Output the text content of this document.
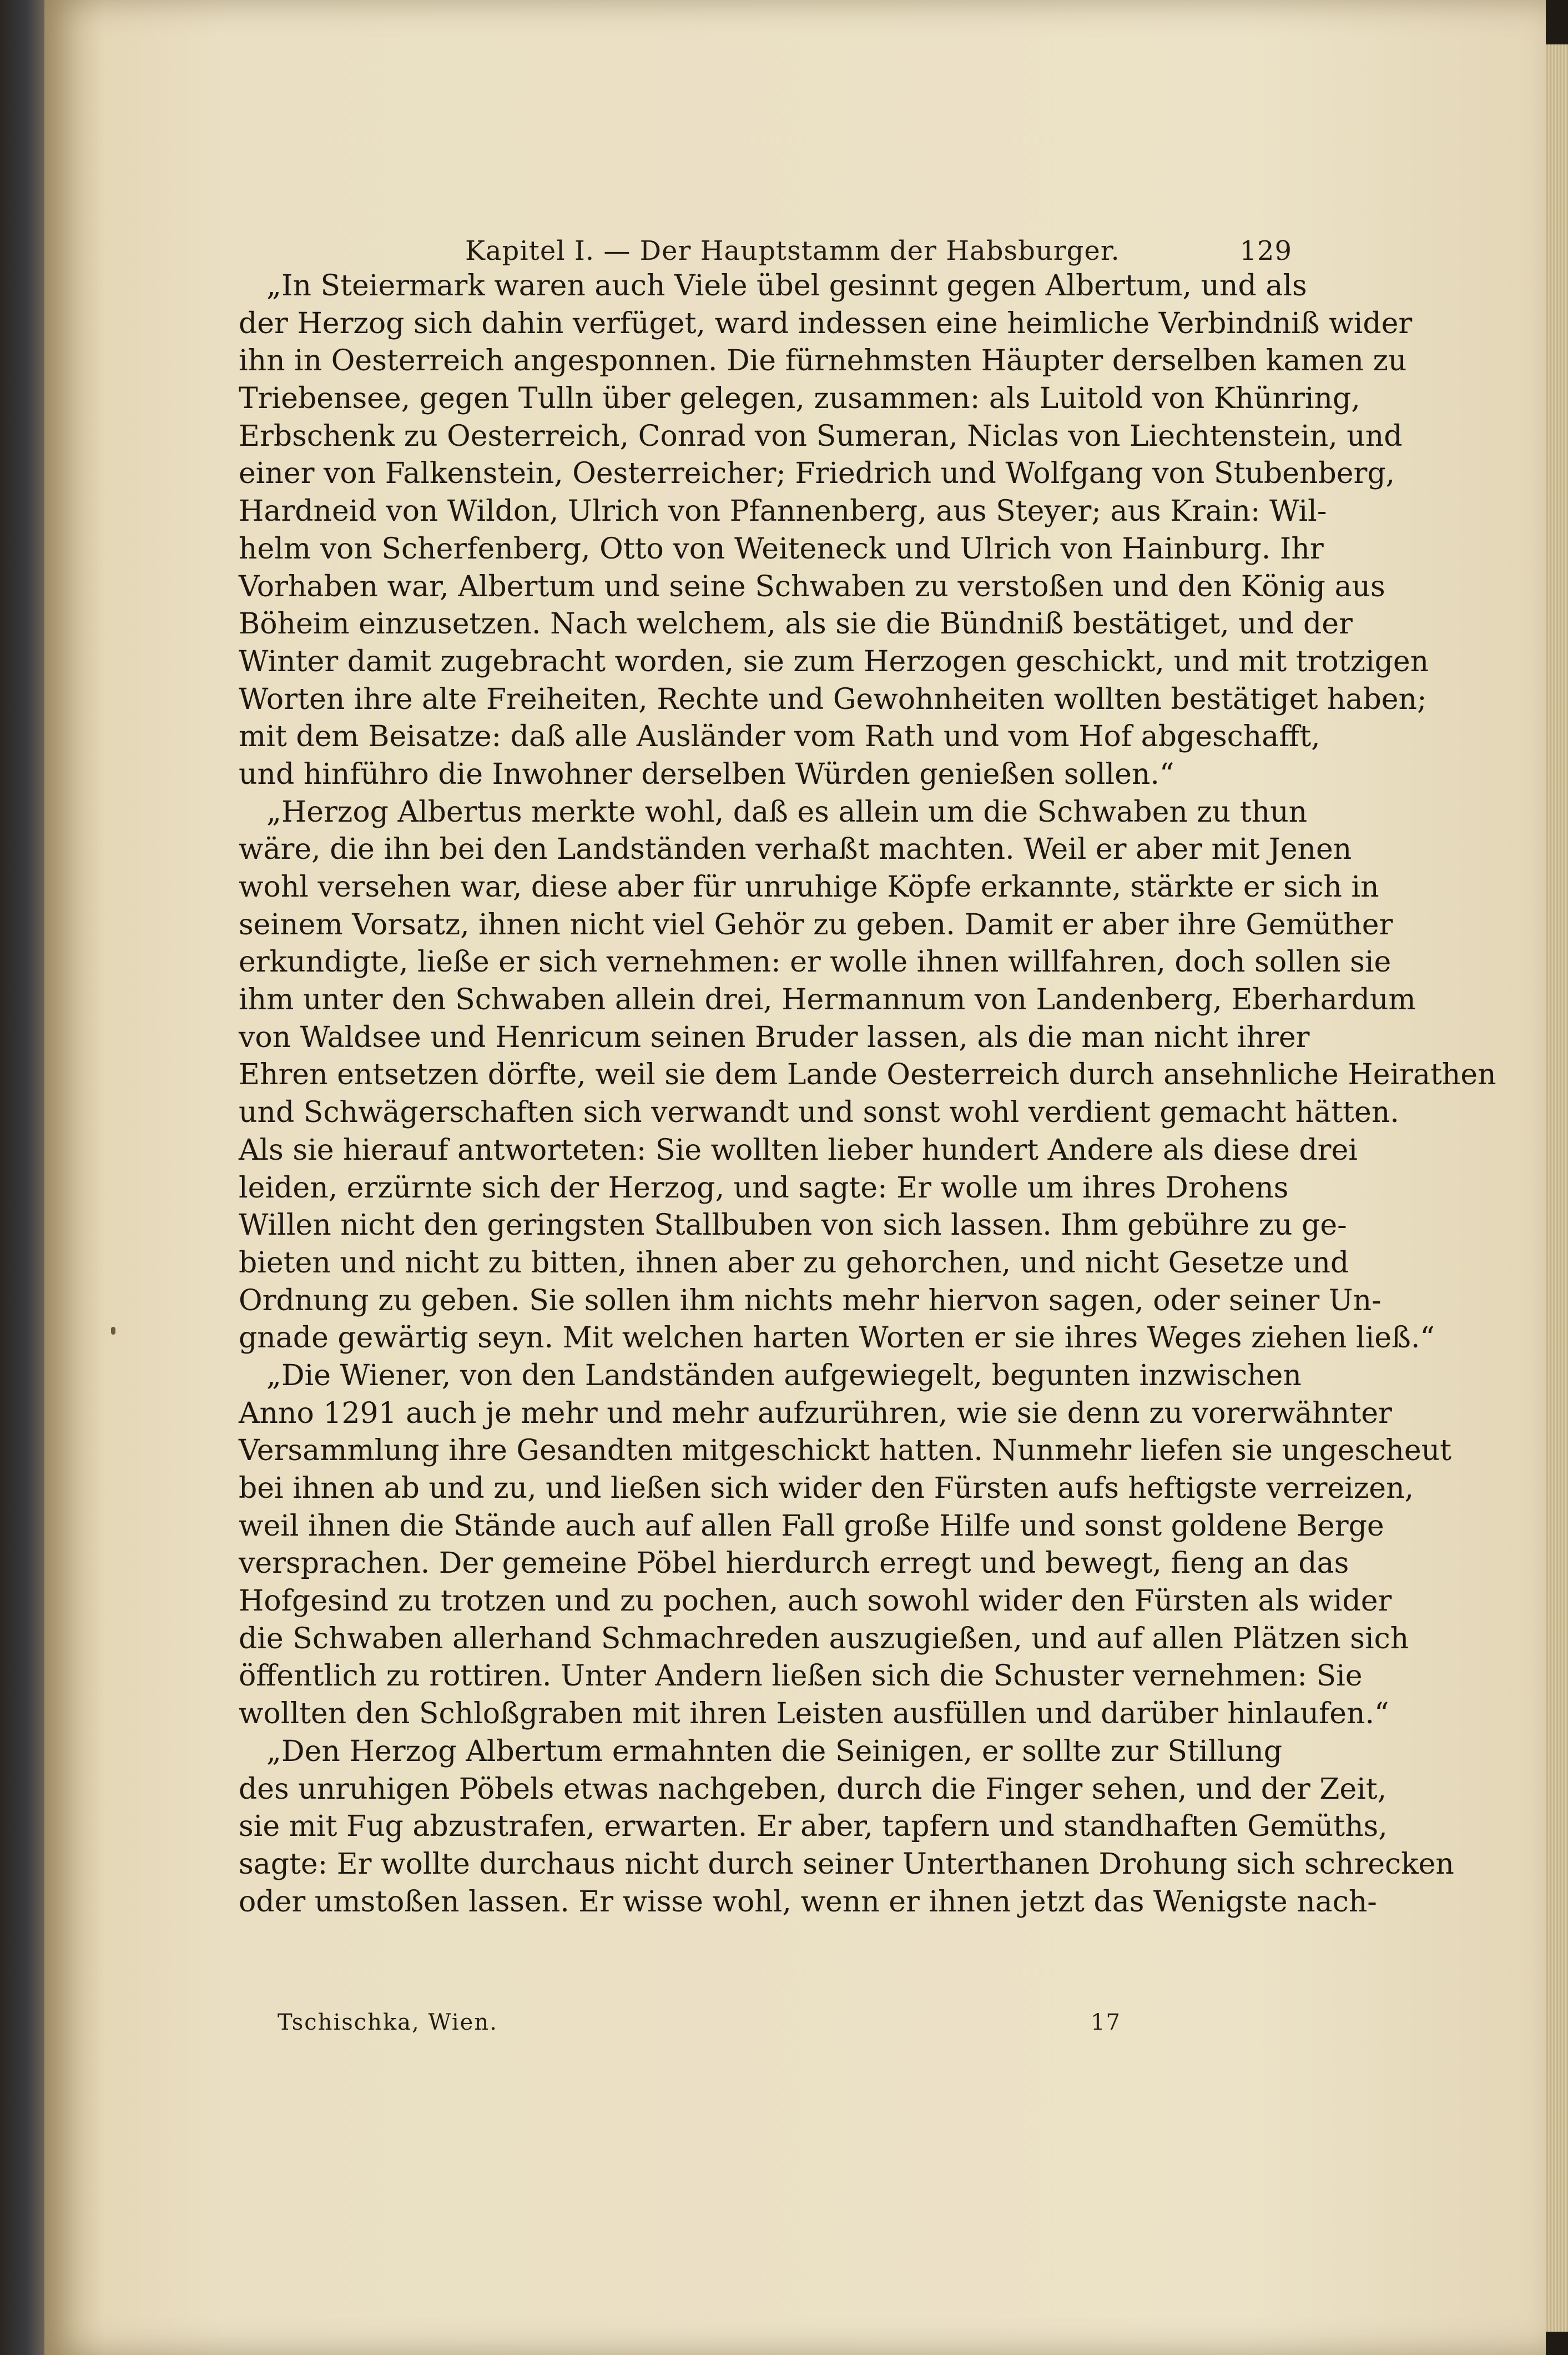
Kapitel I. — Der Hauptstamm der Habsburger.	129
„In Steiermark waren auch Viele übel gesinnt gegen Albertum, und als
der Herzog sich dahin verfüget, ward indessen eine heimliche Verbindniß wider
ihn in Oesterreich angesponnen. Die fürnehmsten Häupter derselben kamen zu
Triebensee, gegen Tulln über gelegen, zusammen: als Luitold von Khünring,
Erbschenk zu Oesterreich, Conrad von Sumeran, Niclas von Liechtenstein, und
einer von Falkenstein, Oesterreicher; Friedrich und Wolfgang von Stubenberg,
Hardneid von Wildon, Ulrich von Pfannenberg, aus Steyer; aus Krain: Wil-
helm von Scherfenberg, Otto von Weiteneck und Ulrich von Hainburg. Ihr
Vorhaben war, Albertum und seine Schwaben zu verstoßen und den König aus
Böheim einzusetzen. Nach welchem, als sie die Bündniß bestätiget, und der
Winter damit zugebracht worden, sie zum Herzogen geschickt, und mit trotzigen
Worten ihre alte Freiheiten, Rechte und Gewohnheiten wollten bestätiget haben;
mit dem Beisatze: daß alle Ausländer vom Rath und vom Hof abgeschafft,
und hinführo die Inwohner derselben Würden genießen sollen.“
„Herzog Albertus merkte wohl, daß es allein um die Schwaben zu thun
wäre, die ihn bei den Landständen verhaßt machten. Weil er aber mit Jenen
wohl versehen war, diese aber für unruhige Köpfe erkannte, stärkte er sich in
seinem Vorsatz, ihnen nicht viel Gehör zu geben. Damit er aber ihre Gemüther
erkundigte, ließe er sich vernehmen: er wolle ihnen willfahren, doch sollen sie
ihm unter den Schwaben allein drei, Hermannum von Landenberg, Eberhardum
von Waldsee und Henricum seinen Bruder lassen, als die man nicht ihrer
Ehren entsetzen dörfte, weil sie dem Lande Oesterreich durch ansehnliche Heirathen
und Schwägerschaften sich verwandt und sonst wohl verdient gemacht hätten.
Als sie hierauf antworteten: Sie wollten lieber hundert Andere als diese drei
leiden, erzürnte sich der Herzog, und sagte: Er wolle um ihres Drohens
Willen nicht den geringsten Stallbuben von sich lassen. Ihm gebühre zu ge-
bieten und nicht zu bitten, ihnen aber zu gehorchen, und nicht Gesetze und
Ordnung zu geben. Sie sollen ihm nichts mehr hiervon sagen, oder seiner Un-
gnade gewärtig seyn. Mit welchen harten Worten er sie ihres Weges ziehen ließ.“
„Die Wiener, von den Landständen aufgewiegelt, begunten inzwischen
Anno 1291 auch je mehr und mehr aufzurühren, wie sie denn zu vorerwähnter
Versammlung ihre Gesandten mitgeschickt hatten. Nunmehr liefen sie ungescheut
bei ihnen ab und zu, und ließen sich wider den Fürsten aufs heftigste verreizen,
weil ihnen die Stände auch auf allen Fall große Hilfe und sonst goldene Berge
versprachen. Der gemeine Pöbel hierdurch erregt und bewegt, fieng an das
Hofgesind zu trotzen und zu pochen, auch sowohl wider den Fürsten als wider
die Schwaben allerhand Schmachreden auszugießen, und auf allen Plätzen sich
öffentlich zu rottiren. Unter Andern ließen sich die Schuster vernehmen: Sie
wollten den Schloßgraben mit ihren Leisten ausfüllen und darüber hinlaufen.“
„Den Herzog Albertum ermahnten die Seinigen, er sollte zur Stillung
des unruhigen Pöbels etwas nachgeben, durch die Finger sehen, und der Zeit,
sie mit Fug abzustrafen, erwarten. Er aber, tapfern und standhaften Gemüths,
sagte: Er wollte durchaus nicht durch seiner Unterthanen Drohung sich schrecken
oder umstoßen lassen. Er wisse wohl, wenn er ihnen jetzt das Wenigste nach-
Tschischka, Wien.	17
